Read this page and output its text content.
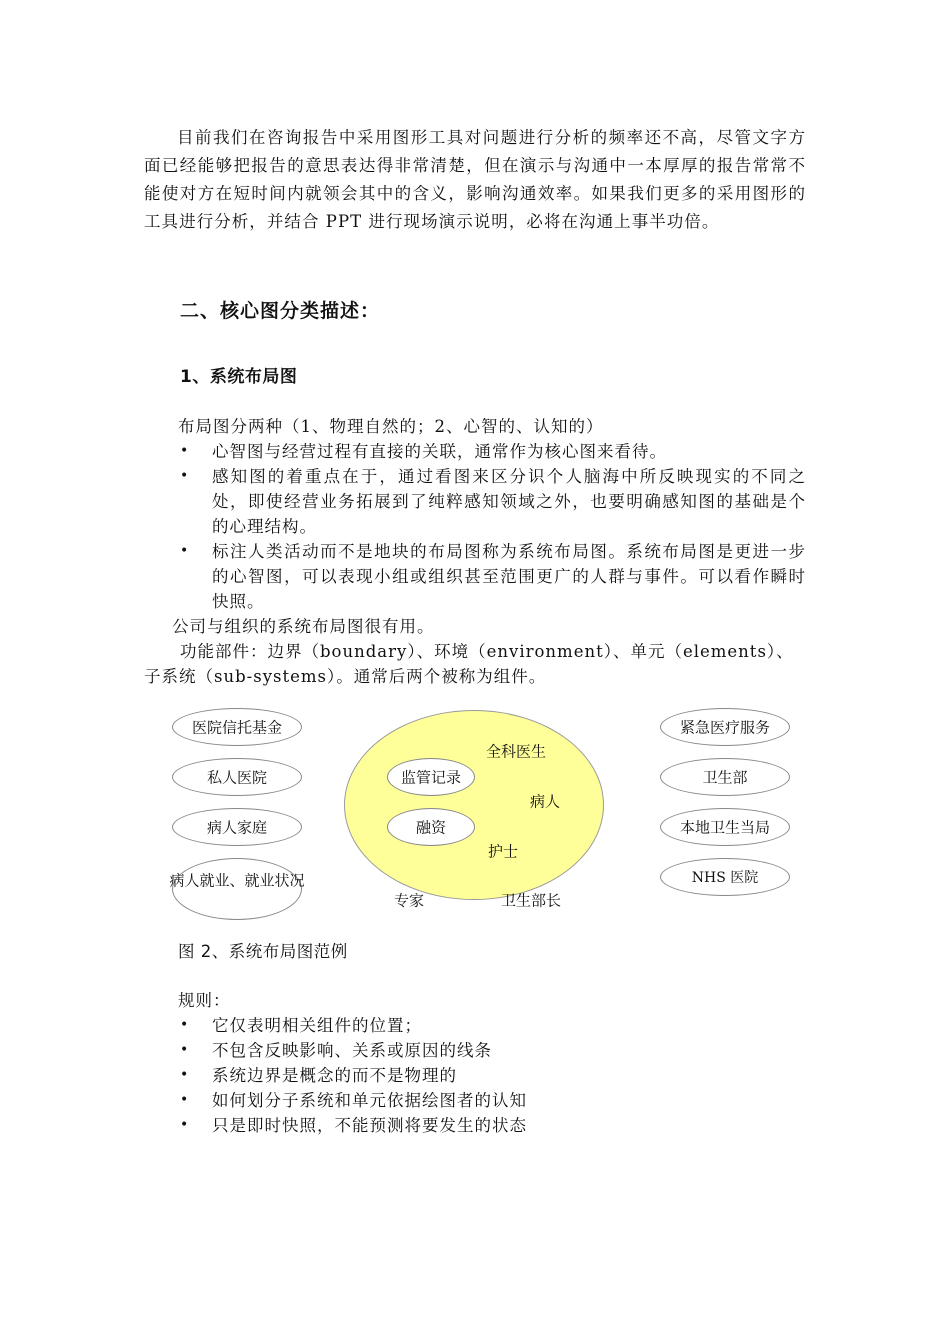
目前我们在咨询报告中采用图形工具对问题进行分析的频率还不高，尽管文字方面已经能够把报告的意思表达得非常清楚，但在演示与沟通中一本厚厚的报告常常不能使对方在短时间内就领会其中的含义，影响沟通效率。如果我们更多的采用图形的工具进行分析，并结合 PPT 进行现场演示说明，必将在沟通上事半功倍。

二、核心图分类描述：
1、系统布局图

布局图分两种（1、物理自然的；2、心智的、认知的）

• 心智图与经营过程有直接的关联，通常作为核心图来看待。

• 感知图的着重点在于，通过看图来区分识个人脑海中所反映现实的不同之处，即使经营业务拓展到了纯粹感知领域之外，也要明确感知图的基础是个的心理结构。

• 标注人类活动而不是地块的布局图称为系统布局图。系统布局图是更进一步的心智图，可以表现小组或组织甚至范围更广的人群与事件。可以看作瞬时快照。

公司与组织的系统布局图很有用。

功能部件：边界（boundary）、环境（environment）、单元（elements）、

子系统（sub-systems）。通常后两个被称为组件。

医院信托基金
私人医院
病人家庭
病人就业、就业状况
紧急医疗服务
卫生部
本地卫生当局
NHS 医院
监管记录
融资
全科医生
病人
护士
专家	卫生部长

图 2、系统布局图范例

规则：

• 它仅表明相关组件的位置；

• 不包含反映影响、关系或原因的线条

• 系统边界是概念的而不是物理的

• 如何划分子系统和单元依据绘图者的认知

• 只是即时快照，不能预测将要发生的状态
